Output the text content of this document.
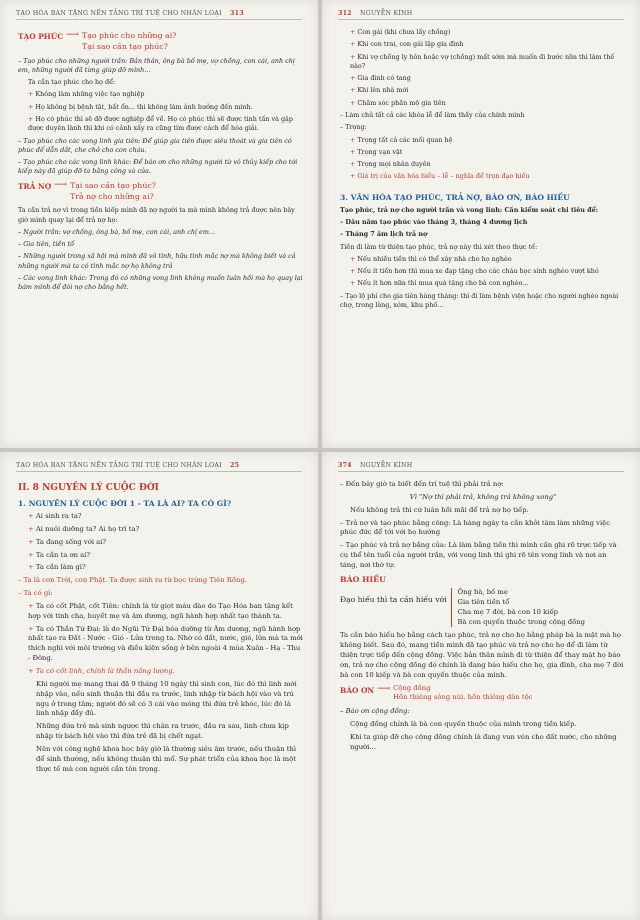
TẠO HÓA BAN TẶNG NỀN TẢNG TRÍ TUỆ CHO NHÂN LOẠI 313
TẠO PHÚC ⟶ Tạo phúc cho những ai?
Tại sao cần tạo phúc?

– Tạo phúc cho những người trần: Bản thân, ông bà bố mẹ, vợ chồng, con cái, anh chị em, những người đã từng giúp đỡ mình...

Ta cần tạo phúc cho họ để:

+ Không làm những việc tạo nghiệp

+ Họ không bị bệnh tật, bất ổn... thì không làm ảnh hưởng đến mình.

+ Họ có phúc thì sẽ đỡ được nghiệp để về. Họ có phúc thì sẽ được tinh tấn và gặp được duyên lành thì khi có cảnh xấy ra cũng tìm được cách để hóa giải.

– Tạo phúc cho các vong linh gia tiên: Để giúp gia tiên được siêu thoát và gia tiên có phúc để dẫn dắt, che chở cho con cháu.

– Tạo phúc cho các vong linh khác: Để báo ơn cho những người từ vô thủy kiếp cho tới kiếp này đã giúp đỡ ta bằng công và của.

TRẢ NỢ ⟶ Tại sao cần tạo phúc?
Trả nợ cho những ai?

Ta cần trả nợ vì trong tiền kiếp mình đã nợ người ta mà mình không trả được nên bây giờ mình quay lại để trả nợ họ:

– Người trần: vợ chồng, ông bà, bố mẹ, con cái, anh chị em...

– Gia tiên, tiền tổ

– Những người trong xã hội mà mình đã vô tình, hữu tình mắc nợ mà không biết và cả những người mà ta có tình mắc nợ họ không trả

– Các vong linh khác: Trong đó có những vong linh không muốn luân hồi mà họ quay lại bám mình để đòi nợ cho bằng hết.

312 NGUYỄN KÍNH

+ Con gái (khi chưa lấy chồng)

+ Khi con trai, con gái lập gia đình

+ Khi vợ chồng ly hôn hoặc vợ (chồng) mất sớm mà muốn đi bước nữa thì làm thế nào?

+ Gia đình có tang

+ Khi lên nhà mới

+ Chăm sóc phần mộ gia tiên

– Làm chủ tất cả các khóa lễ để làm thầy của chính mình

– Trọng:

+ Trọng tất cả các mối quan hệ

+ Trọng vạn vật

+ Trọng mọi nhân duyên

+ Giá trị của văn hóa hiếu – lễ – nghĩa để trọn đạo hiếu

3. VĂN HÓA TẠO PHÚC, TRẢ NỢ, BÁO ƠN, BÁO HIẾU

Tạo phúc, trả nợ cho người trần và vong linh: Cần kiểm soát chi tiêu để:

– Dâu năm tạo phúc vào tháng 3, tháng 4 dương lịch

– Tháng 7 âm lịch trả nợ

Tiền đi làm từ thiện tạo phúc, trả nợ này thì xét theo thực tế:

+ Nếu nhiều tiền thì có thể xây nhà cho họ nghèo

+ Nếu ít tiền hơn thì mua xe đạp tặng cho các cháu học sinh nghèo vượt khó

+ Nếu ít hơn nữa thì mua quà tặng cho bà con nghèo...

– Tạo lộ phí cho gia tiên hàng tháng: thì đi làm bệnh viện hoặc cho người nghèo ngoài chợ, trong làng, xóm, khu phố...

TẠO HÓA BAN TẶNG NỀN TẢNG TRÍ TUỆ CHO NHÂN LOẠI 25

II. 8 NGUYÊN LÝ CUỘC ĐỜI

1. NGUYÊN LÝ CUỘC ĐỜI 1 - TA LÀ AI? TA CÓ GÌ?

+ Ai sinh ra ta?

+ Ai nuôi dưỡng ta? Ai họ trì ta?

+ Ta đang sống với ai?

+ Ta cần ta ơn ai?

+ Ta cần làm gì?

– Ta là con Trời, con Phật. Ta được sinh ra từ bọc trứng Tiên Rồng.

– Ta có gì:

+ Ta có cốt Phật, cốt Tiên: chính là từ giọt máu đào do Tạo Hóa ban tặng kết hợp với tinh cha, huyết mẹ và âm dương, ngũ hành hợp nhất tạo thành ta.

+ Ta có Thần Tứ Đại: là do Ngũi Tứ Đại hóa dưỡng từ Âm dương, ngũ hành hợp nhất tạo ra Đất - Nước - Gió - Lửa trong ta. Nhờ có đất, nước, gió, lửa mà ta mới thích nghi với môi trường và điều kiện sống ở bên ngoài 4 mùa Xuân - Hạ - Thu - Đông.

+ Ta có cốt linh, chính là thần năng lượng.

Khi người mẹ mang thai đã 9 tháng 10 ngày thì sinh con, lúc đó thì linh mới nhập vào, nếu sinh thuận thì đầu ra trước, linh nhập từ bách hội vào và trú ngụ ở trong tâm; người đó sẽ có 3 cái vào móng thì đứa trẻ khóc, lúc đó là linh nhập đầy đủ.

Những đứa trẻ mà sinh ngược thì chân ra trước, đầu ra sau, linh chưa kịp nhập từ bách hội vào thì đứa trẻ đã bị chết ngạt.

Nên với công nghệ khoa học bây giờ là thường siêu âm trước, nếu thuận thì để sinh thường, nếu không thuận thì mổ. Sự phát triển của khoa học là một thực tế mà con người cần tôn trọng.

374 NGUYỄN KÍNH

– Đến bây giờ ta biết đến trí tuệ thì phải trả nợ:

Vì "Nợ thì phải trả, không trả không xong"

Nếu không trả thì cứ luân hồi mãi để trả nợ họ tiếp.

– Trả nợ và tạo phúc bằng công: Là hàng ngày ta cần khởi tâm làm những việc phúc đức để tới với họ hướng

– Tạo phúc và trả nợ bằng của: Là làm bằng tiền thì mình cần ghi rõ trực tiếp và cụ thể tên tuổi của người trần, với vong linh thì ghi rõ tên vong linh và nơi an táng, nơi thờ tự.

BÁO HIẾU

Đạo hiếu thì ta cần hiếu với
Ông bà, bố mẹ
Gia tiên tiền tổ
Cha mẹ 7 đời, bà con 10 kiếp
Bà con quyến thuộc trong cộng đồng

Ta cần báo hiếu họ bằng cách tạo phúc, trả nợ cho họ bằng pháp bà la mật mà họ không biết. Sau đó, mang tiền mình đã tạo phúc và trả nợ cho họ để đi làm từ thiện trực tiếp đến cộng đồng. Việc bản thân mình đi từ thiện để thay mặt họ báo ơn, trả nợ cho cộng đồng đó chính là đang báo hiếu cho họ, gia đình, cha mẹ 7 đời bà con 10 kiếp và bà con quyến thuộc của mình.

BÁO ƠN ⟶ Cộng đồng
Hồn thiêng sông núi, hồn thiêng dân tộc

– Báo ơn cộng đồng:

Cộng đồng chính là bà con quyến thuộc của mình trong tiền kiếp.

Khi ta giúp đỡ cho cộng đồng chính là đang vun vén cho đất nước, cho những người...
